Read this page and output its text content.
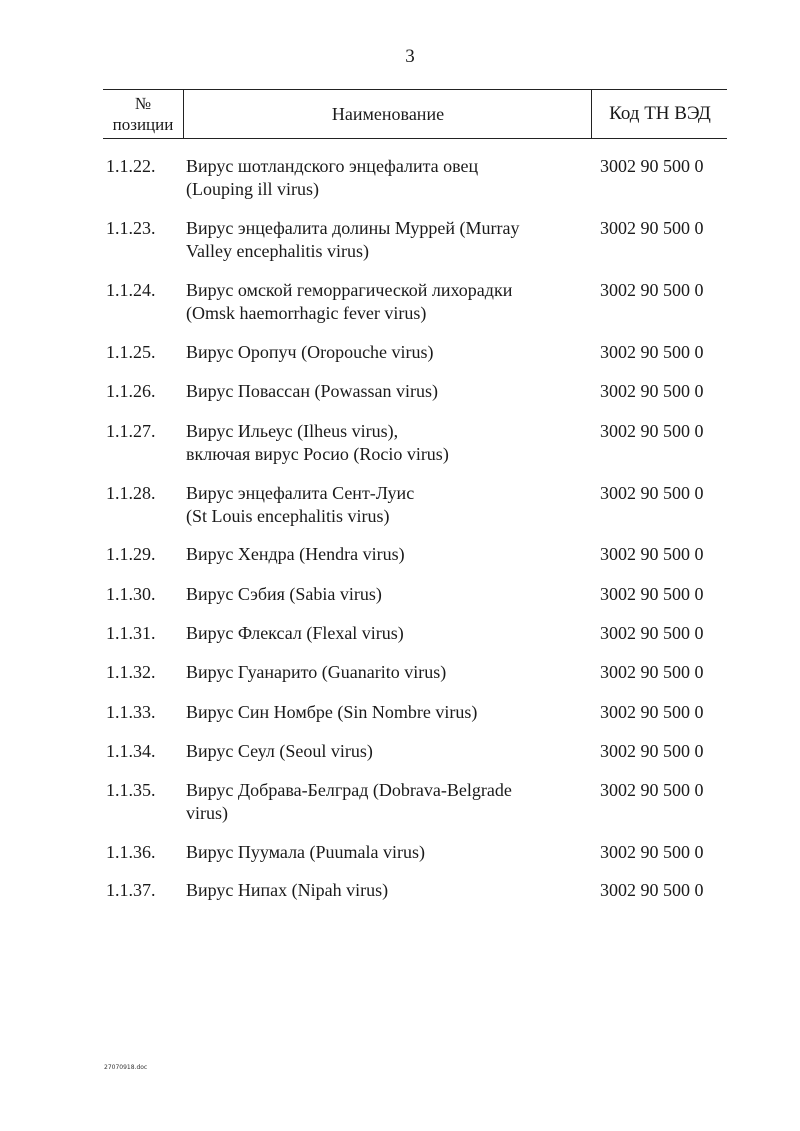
3
№
позиции
Наименование	Код ТН ВЭД
1.1.22. Вирус шотландского энцефалита овец
(Louping ill virus)
3002 90 500 0
1.1.23. Вирус энцефалита долины Муррей (Murray
Valley encephalitis virus)
3002 90 500 0
1.1.24. Вирус омской геморрагической лихорадки
(Omsk haemorrhagic fever virus)
3002 90 500 0
1.1.25. Вирус Оропуч (Oropouche virus)	3002 90 500 0
1.1.26. Вирус Повассан (Powassan virus)	3002 90 500 0
1.1.27. Вирус Ильеус (Ilheus virus),
включая вирус Росио (Rocio virus)
3002 90 500 0
1.1.28. Вирус энцефалита Сент-Луис
(St Louis encephalitis virus)
3002 90 500 0
1.1.29. Вирус Хендра (Hendra virus)	3002 90 500 0
1.1.30. Вирус Сэбия (Sabia virus)	3002 90 500 0
1.1.31. Вирус Флексал (Flexal virus)	3002 90 500 0
1.1.32. Вирус Гуанарито (Guanarito virus)	3002 90 500 0
1.1.33. Вирус Син Номбре (Sin Nombre virus)	3002 90 500 0
1.1.34. Вирус Сеул (Seoul virus)	3002 90 500 0
1.1.35. Вирус Добрава-Белград (Dobrava-Belgrade
virus)
3002 90 500 0
1.1.36. Вирус Пуумала (Puumala virus)	3002 90 500 0
1.1.37. Вирус Нипах (Nipah virus)	3002 90 500 0
27070918.doc
